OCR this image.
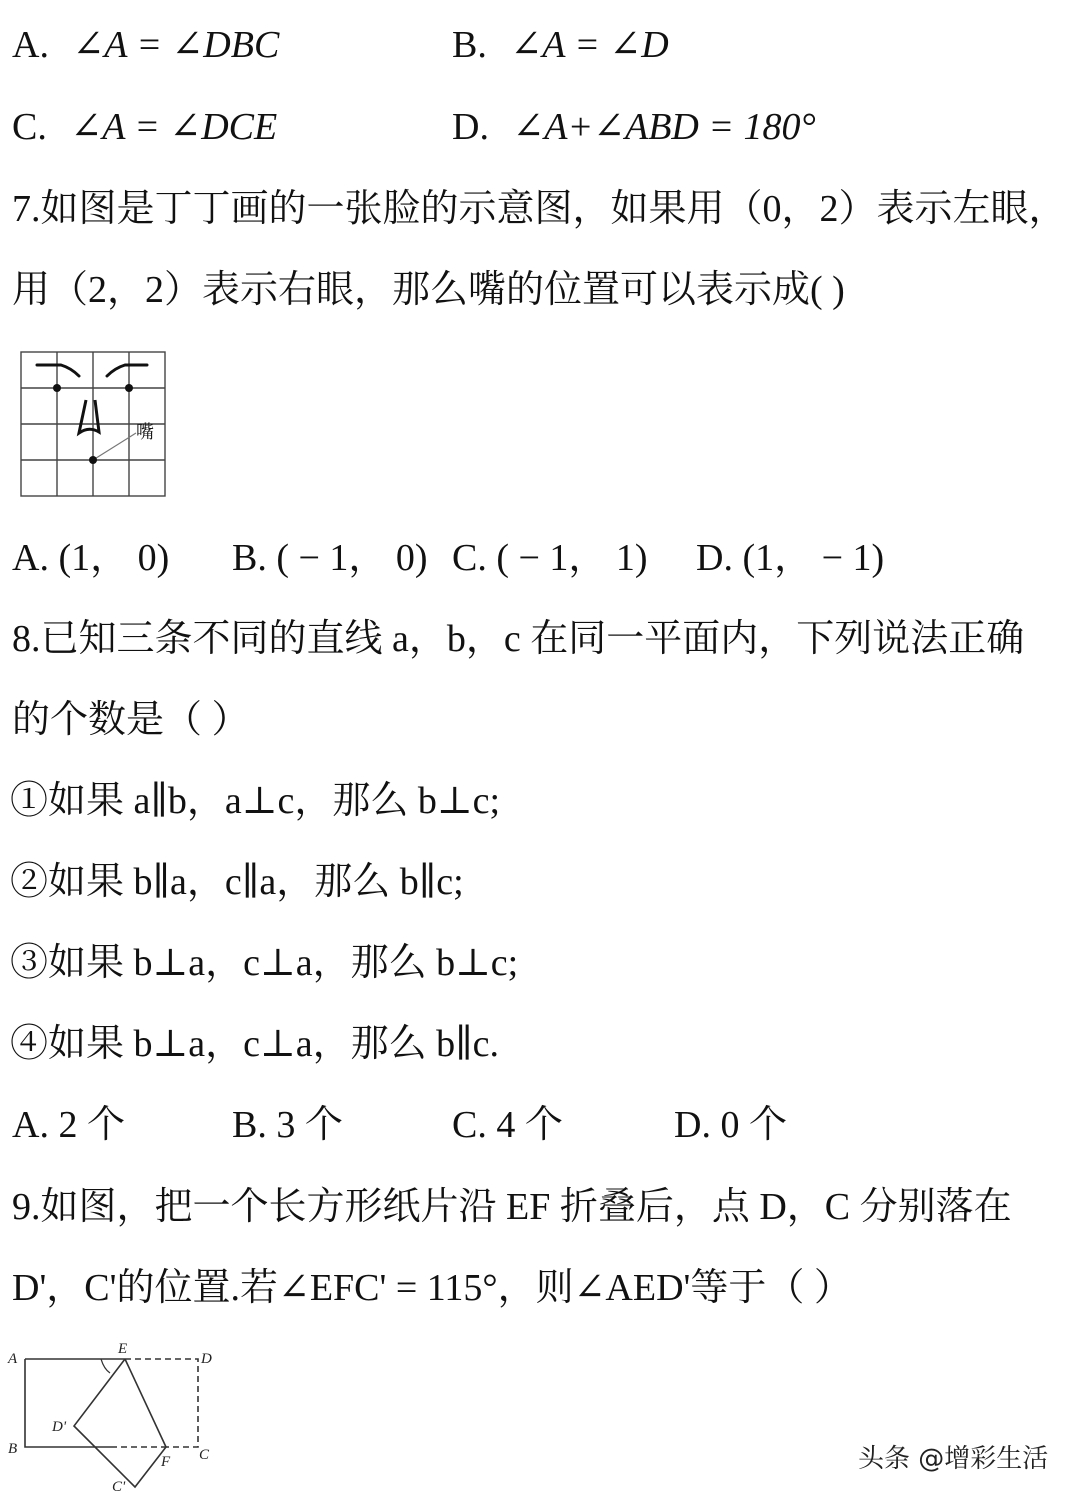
A. ∠A = ∠DBC	B. ∠A = ∠D
C. ∠A = ∠DCE	D. ∠A+∠ABD = 180°
7.如图是丁丁画的一张脸的示意图，如果用（0，2）表示左眼，
用（2，2）表示右眼，那么嘴的位置可以表示成( )
嘴
A. (1， 0) B. ( − 1， 0) C. ( − 1， 1) D. (1， − 1)
8.已知三条不同的直线 a，b，c 在同一平面内，下列说法正确
的个数是（ ）
①如果 a∥b，a⊥c，那么 b⊥c;
②如果 b∥a，c∥a，那么 b∥c;
③如果 b⊥a，c⊥a，那么 b⊥c;
④如果 b⊥a，c⊥a，那么 b∥c.
A. 2 个	B. 3 个	C. 4 个	D. 0 个
9.如图，把一个长方形纸片沿 EF 折叠后，点 D，C 分别落在
D'，C'的位置.若∠EFC' = 115°，则∠AED'等于（ ）
A
E
D
D'
B
F C
C'
头条 @增彩生活
